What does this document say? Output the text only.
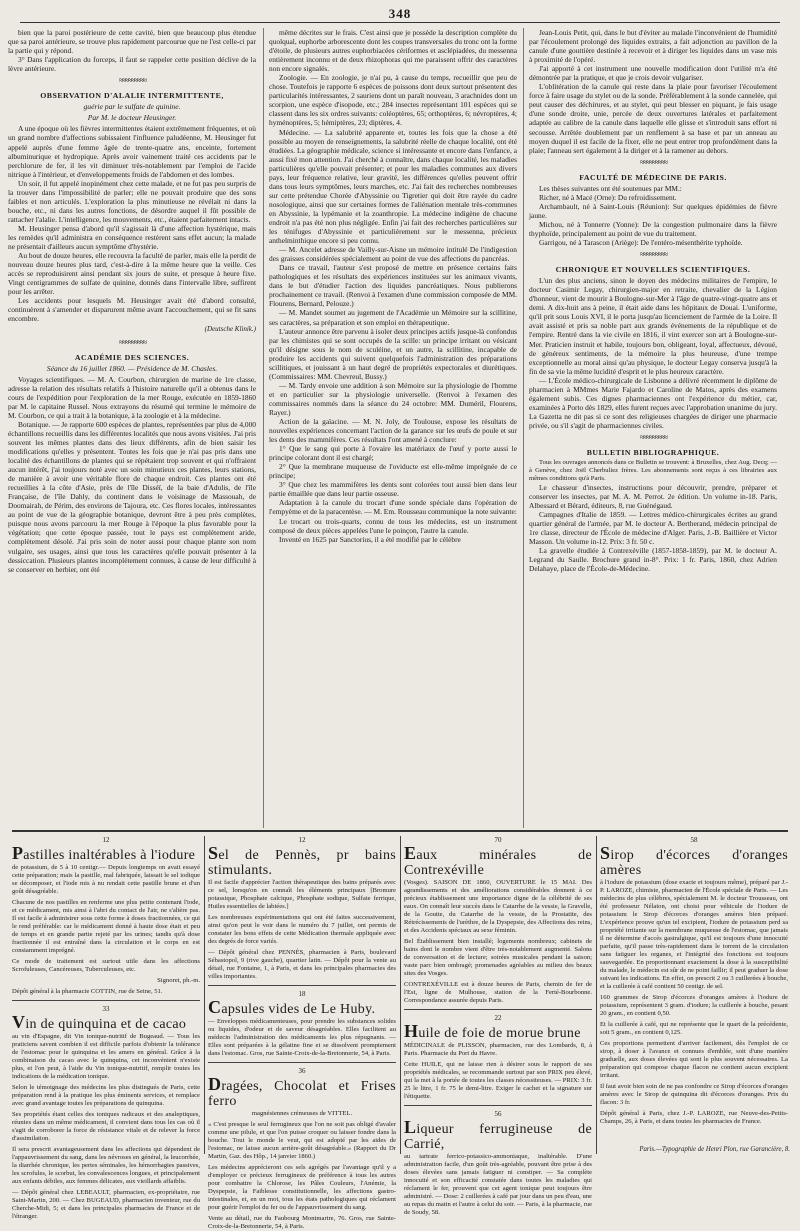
348

bien que la paroi postérieure de cette cavité, bien que beaucoup plus étendue que sa paroi antérieure, se trouve plus rapidement parcourue que ne l'est celle-ci par la partie qui y répond.

3° Dans l'application du forceps, il faut se rappeler cette position déclive de la lèvre antérieure.

≈≈≈≈≈≈≈≈≈
OBSERVATION D'ALALIE INTERMITTENTE,

guérie par le sulfate de quinine.

Par M. le docteur Heusinger.

A une époque où les fièvres intermittentes étaient extrêmement fréquentes, et où un grand nombre d'affections subissaient l'influence paludéenne, M. Heusinger fut appelé auprès d'une femme âgée de trente-quatre ans, enceinte, fortement albuminurique et hydropique. Après avoir vainement traité ces accidents par le perchlorure de fer, il les vit diminuer très-notablement par l'emploi de l'acide nitrique à l'intérieur, et d'enveloppements froids de l'abdomen et des lombes.

Un soir, il fut appelé inopinément chez cette malade, et ne fut pas peu surpris de la trouver dans l'impossibilité de parler; elle ne pouvait produire que des sons faibles et non articulés. L'exploration la plus minutieuse ne révélait ni dans la bouche, etc., ni dans les autres fonctions, de désordre auquel il fût possible de rattacher l'alalie. L'intelligence, les mouvements, etc., étaient parfaitement intacts.

M. Heusinger pensa d'abord qu'il s'agissait là d'une affection hystérique, mais les remèdes qu'il administra en conséquence restèrent sans effet aucun; la malade ne présentait d'ailleurs aucun symptôme d'hystérie.

Au bout de douze heures, elle recouvra la faculté de parler, mais elle la perdit de nouveau douze heures plus tard, c'est-à-dire à la même heure que la veille. Ces accès se reproduisirent ainsi pendant six jours de suite, et presque à heure fixe. Vingt centigrammes de sulfate de quinine, donnés dans l'intervalle libre, suffirent pour les arrêter.

Les accidents pour lesquels M. Heusinger avait été d'abord consulté, continuèrent à s'amender et disparurent même avant l'accouchement, qui se fit sans encombre.

(Deutsche Klinik.)

≈≈≈≈≈≈≈≈≈
ACADÉMIE DES SCIENCES.

Séance du 16 juillet 1860. — Présidence de M. Chasles.

Voyages scientifiques. — M. A. Courbon, chirurgien de marine de 1re classe, adresse la relation des résultats relatifs à l'histoire naturelle qu'il a obtenus dans le cours de l'expédition pour l'exploration de la mer Rouge, exécutée en 1859-1860 par M. le capitaine Russel. Nous extrayons du résumé qui termine le mémoire de M. Courbon, ce qui a trait à la botanique, à la zoologie et à la médecine.

Botanique. — Je rapporte 600 espèces de plantes, représentées par plus de 4,000 échantillons recueillis dans les différentes localités que nous avons visitées. J'ai pris souvent les mêmes plantes dans des lieux différents, afin de bien saisir les modifications qu'elles y présentent. Toutes les fois que je n'ai pas pris dans une localité des échantillons de plantes qui se répétaient trop souvent et qui n'offraient aucun intérêt, j'ai toujours noté avec un soin minutieux ces plantes, leurs stations, de manière à avoir une véritable flore de chaque endroit. Ces plantes ont été recueillies à la côte d'Asie, près de l'île Disséï, de la baie d'Adulis, de l'île Française, de l'île Dahly, du continent dans le voisinage de Massouah, de Doomairah, de Périm, des environs de Tajoura, etc. Ces flores locales, intéressantes au point de vue de la géographie botanique, devront être à peu près complètes, puisque nous avons parcouru la mer Rouge à l'époque la plus favorable pour la végétation; que cette époque passée, tout le pays est complètement aride, complètement désolé. J'ai pris soin de noter aussi pour chaque plante son nom vulgaire, ses usages, ainsi que tous les caractères qu'elle pouvait présenter à la dessiccation. Plusieurs plantes incomplètement connues, à cause de leur difficulté à se conserver en herbier, ont été

même décrites sur le frais. C'est ainsi que je possède la description complète du quolqual, euphorbe arborescente dont les coupes transversales du tronc ont la forme d'étoile, de plusieurs autres euphorbiacées cériformes et asclépiadées, du messenna entièrement inconnu et de deux rhizophoras qui me paraissent offrir des caractères non encore signalés.

Zoologie. — En zoologie, je n'ai pu, à cause du temps, recueillir que peu de chose. Toutefois je rapporte 6 espèces de poissons dont deux surtout présentent des particularités intéressantes, 2 sauriens dont un paraît nouveau, 3 arachnides dont un scorpion, une espèce d'isopode, etc.; 284 insectes représentant 101 espèces qui se classent dans les six ordres suivants: coléoptères, 65; orthoptères, 6; névroptères, 4; hyménoptères, 5; hémiptères, 23; diptères, 4.

Médecine. — La salubrité apparente et, toutes les fois que la chose a été possible au moyen de renseignements, la salubrité réelle de chaque localité, ont été étudiées. La géographie médicale, science si intéressante et encore dans l'enfance, a aussi fixé mon attention. J'ai cherché à connaître, dans chaque localité, les maladies particulières qu'elle pouvait présenter; et pour les maladies communes aux divers pays, leur fréquence relative, leur gravité, les différences qu'elles peuvent offrir dans tous leurs symptômes, leurs marches, etc. J'ai fait des recherches nombreuses sur cette prétendue Chorée d'Abyssinie ou Tigretier qui doit être rayée du cadre nosologique, ainsi que sur certaines formes de l'aliénation mentale très-communes en Abyssinie, la lypémanie et la zoanthropie. La médecine indigène de chacune endroit n'a pas été non plus négligée. Enfin j'ai fait des recherches particulières sur les ténifuges d'Abyssinie et particulièrement sur le messenna, précieux anthelminthique encore si peu connu.

— M. Ancelet adresse de Vailly-sur-Aisne un mémoire intitulé De l'indigestion des graisses considérées spécialement au point de vue des affections du pancréas.

Dans ce travail, l'auteur s'est proposé de mettre en présence certains faits pathologiques et les résultats des expériences instituées sur les animaux vivants, dans le but d'étudier l'action des liquides pancréatiques. Nous publierons prochainement ce travail. (Renvoi à l'examen d'une commission composée de MM. Flourens, Bernard, Pelouze.)

— M. Mandet soumet au jugement de l'Académie un Mémoire sur la scillitine, ses caractères, sa préparation et son emploi en thérapeutique.

L'auteur annonce être parvenu à isoler deux principes actifs jusque-là confondus par les chimistes qui se sont occupés de la scille: un principe irritant ou vésicant qu'il désigne sous le nom de sculéine, et un autre, la scillitine, incapable de produire les accidents qui suivent quelquefois l'administration des préparations scillitiques, et jouissant à un haut degré de propriétés expectorales et diurétiques. (Commissaires: MM. Chevreul, Bussy.)

— M. Tardy envoie une addition à son Mémoire sur la physiologie de l'homme et en particulier sur la physiologie universelle. (Renvoi à l'examen des commissaires nommés dans la séance du 24 octobre: MM. Duméril, Flourens, Rayer.)

Action de la gaïacine. — M. N. Joly, de Toulouse, expose les résultats de nouvelles expériences concernant l'action de la garance sur les œufs de poule et sur les dents des mammifères. Ces résultats l'ont amené à conclure:

1° Que le sang qui porte à l'ovaire les matériaux de l'œuf y porte aussi le principe colorant dont il est chargé;

2° Que la membrane muqueuse de l'oviducte est elle-même imprégnée de ce principe;

3° Que chez les mammifères les dents sont colorées tout aussi bien dans leur partie émaillée que dans leur partie osseuse.

Adaptation à la canule du trocart d'une sonde spéciale dans l'opération de l'empyème et de la paracentèse. — M. Em. Rousseau communique la note suivante:

Le trocart ou trois-quarts, connu de tous les médecins, est un instrument composé de deux pièces appelées l'une le poinçon, l'autre la canule.

Inventé en 1625 par Sanctorius, il a été modifié par le célèbre

Jean-Louis Petit, qui, dans le but d'éviter au malade l'inconvénient de l'humidité par l'écoulement prolongé des liquides extraits, a fait adjonction au pavillon de la canule d'une gouttière destinée à recevoir et à diriger les liquides dans un vase mis à proximité de l'opéré.

J'ai apporté à cet instrument une nouvelle modification dont l'utilité m'a été démontrée par la pratique, et que je crois devoir vulgariser.

L'oblitération de la canule qui reste dans la plaie pour favoriser l'écoulement force à faire usage du stylet ou de la sonde. Préférablement à la sonde cannelée, qui peut causer des déchirures, et au stylet, qui peut blesser en piquant, je fais usage d'une sonde droite, unie, percée de deux ouvertures latérales et parfaitement adaptée au calibre de la canule dans laquelle elle glisse et s'introduit sans effort ni secousse. Arrêtée doublement par un renflement à sa base et par un anneau au moyen duquel il est facile de la fixer, elle ne peut entrer trop profondément dans la plaie; l'anneau sert également à la diriger et à la ramener au dehors.

≈≈≈≈≈≈≈≈≈
FACULTÉ DE MÉDECINE DE PARIS.

Les thèses suivantes ont été soutenues par MM.:

Richer, né à Macé (Orne): Du refroidissement.

Archambault, né à Saint-Louis (Réunion): Sur quelques épidémies de fièvre jaune.

Michou, né à Tonnerre (Yonne): De la congestion pulmonaire dans la fièvre thyphoïde, principalement au point de vue du traitement.

Garrigou, né à Tarascon (Ariège): De l'entéro-mésenthérite typhoïde.

≈≈≈≈≈≈≈≈≈
CHRONIQUE ET NOUVELLES SCIENTIFIQUES.

L'un des plus anciens, sinon le doyen des médecins militaires de l'empire, le docteur Casimir Legay, chirurgien-major en retraite, chevalier de la Légion d'honneur, vient de mourir à Boulogne-sur-Mer à l'âge de quatre-vingt-quatre ans et demi. A dix-huit ans à peine, il était aide dans les hôpitaux de Douai. L'uniforme, qu'il prit sous Louis XVI, il le porta jusqu'au licenciement de l'armée de la Loire. Il avait assisté et pris sa noble part aux grands événements de la république et de l'empire. Rentré dans la vie civile en 1816, il vint exercer son art à Boulogne-sur-Mer. Praticien instruit et habile, toujours bon, obligeant, loyal, affectueux, dévoué, de généreux sentiments, de la mémoire la plus heureuse, d'une trempe exceptionnelle au moral ainsi qu'au physique, le docteur Legay conserva jusqu'à la fin de sa vie la même lucidité d'esprit et le plus heureux caractère.

— L'École médico-chirurgicale de Lisbonne a délivré récemment le diplôme de pharmacien à MMmes Marie Fajardo et Caroline de Matos, après des examens également subis. Ces dignes pharmaciennes ont l'expérience du métier, car, examinées à Porto dès 1829, elles furent reçues avec l'approbation unanime du jury. La Gazetta ne dit pas si ce sont des religieuses chargées de diriger une pharmacie privée, ou s'il s'agit de pharmaciennes civiles.

≈≈≈≈≈≈≈≈≈
BULLETIN BIBLIOGRAPHIQUE.

Tous les ouvrages annoncés dans ce Bulletin se trouvent: à Bruxelles, chez Aug. Decq; — à Genève, chez Joël Cherbuliez frères. Les abonnements sont reçus à ces librairies aux mêmes conditions qu'à Paris.

Le chasseur d'insectes, instructions pour découvrir, prendre, préparer et conserver les insectes, par M. A. M. Perrot. 2e édition. Un volume in-18. Paris, Albessard et Bérard, éditeurs, 8, rue Guénégaud.

Campagnes d'Italie de 1859. — Lettres médico-chirurgicales écrites au grand quartier général de l'armée, par M. le docteur A. Bertherand, médecin principal de 1re classe, directeur de l'École de médecine d'Alger. Paris, J.-B. Baillière et Victor Masson. Un volume in-12. Prix: 3 fr. 50 c.

La gravelle étudiée à Contrexéville (1857-1858-1859), par M. le docteur A. Legrand du Saulle. Brochure grand in-8°. Prix: 1 fr. Paris, 1860, chez Adrien Delahaye, place de l'École-de-Médecine.

12
Pastilles inaltérables à l'iodure

de potassium, de 5 à 10 centigr.— Depuis longtemps on avait essayé cette préparation; mais la pastille, mal fabriquée, laissait le sel iodique se décomposer, et l'iode mis à nu rendait cette pastille brune et d'un goût désagréable.

Chacune de nos pastilles en renferme une plus petite contenant l'iode, et ce médicament, mis ainsi à l'abri du contact de l'air, ne s'altère pas. Il est facile à administrer sous cette forme à doses fractionnées, ce qui le rend préférable: car le médicament donné à haute dose était et peu de temps et en grande partie rejeté par les urines; tandis qu'à dose fractionnée il est entraîné dans la circulation et le corps en est constamment imprégné.

Ce mode de traitement est surtout utile dans les affections Scrofuleuses, Cancéreuses, Tuberculeuses, etc.

Signoret, ph.-m.

Dépôt général à la pharmacie COTTIN, rue de Seine, 51.

33
Vin de quinquina et de cacao

au vin d'Espagne, dit Vin tonique-nutritif de Bugeaud. — Tous les praticiens savent combien il est difficile parfois d'obtenir la tolérance de l'estomac pour le quinquina et les amers en général. Grâce à la combinaison du cacao avec le quinquina, cet inconvénient n'existe plus, et l'on peut, à l'aide du Vin tonique-nutritif, remplir toutes les indications de la médication tonique.

Selon le témoignage des médecins les plus distingués de Paris, cette préparation rend à la pratique les plus éminents services, et remplace avec grand avantage toutes les préparations de quinquina.

Ses propriétés étant celles des toniques radicaux et des analeptiques, réunies dans un même médicament, il convient dans tous les cas où il s'agit de corroborer la force de résistance vitale et de relever la force d'assimilation.

Il sera prescrit avantageusement dans les affections qui dépendent de l'appauvrissement du sang, dans les névroses en général, la leucorrhée, la diarrhée chronique, les pertes séminales, les hémorrhagies passives, les scrofules, le scorbut, les convalescences longues, et principalement aux enfants débiles, aux femmes délicates, aux vieillards affaiblis.

— Dépôt général chez LEBEAULT, pharmacien, ex-propriétaire, rue Saint-Martin, 200. — Chez BUGEAUD, pharmacien inventeur, rue du Cherche-Midi, 5; et dans les principales pharmacies de France et de l'étranger.

12
Sel de Pennès, pr bains stimulants.

Il est facile d'apprécier l'action thérapeutique des bains préparés avec ce sel, lorsqu'on en connaît les éléments principaux [Bromure potassique, Phosphate calcique, Phosphate sodique, Sulfate ferrique, Huiles essentielles de labiées.]

Les nombreuses expérimentations qui ont été faites successivement, ainsi qu'on peut le voir dans le numéro du 7 juillet, ont permis de constater les bons effets de cette Médication thermale appliquée avec des degrés de force variés.

— Dépôt général chez PENNÈS, pharmacien à Paris, boulevard Sébastopol, 9 (rive gauche), quartier latin. — Dépôt pour la vente au détail, rue Fontaine, 1, à Paris, et dans les principales pharmacies des villes importantes.

18
Capsules vides de Le Huby.

— Enveloppes médicamenteuses, pour prendre les substances solides ou liquides, d'odeur et de saveur désagréables. Elles facilitent au médecin l'administration des médicaments les plus répugnants. — Elles sont préparées à la gélatine fine et se dissolvent promptement dans l'estomac. Gros, rue Sainte-Croix-de-la-Bretonnerie, 54, à Paris.

36
Dragées, Chocolat et Frises ferro

magnésiennes crémeuses de VITTEL.

« C'est presque le seul ferrugineux que l'on ne soit pas obligé d'avaler comme une pilule, et que l'on puisse croquer ou laisser fondre dans la bouche. Tout le monde le veut, qui est adopté par les aides de l'estomac, ne laisse aucun arrière-goût désagréable.» (Rapport du Dr Martin, Gaz. des Hôp., 14 janvier 1860.)

Les médecins apprécieront ces sels agrégés par l'avantage qu'il y a d'employer ce précieux ferrugineux de préférence à tous les autres pour combattre la Chlorose, les Pâles Couleurs, l'Anémie, la Dyspepsie, la Faiblesse constitutionnelle, les affections gastro-intestinales, et, en un mot, tous les états pathologiques qui réclament pour guérir l'emploi du fer ou de l'appauvrissement du sang.

Vente au détail, rue du Faubourg Montmartre, 76. Gros, rue Sainte-Croix-de-la-Bretonnerie, 54, à Paris.

70
Eaux minérales de Contrexéville

(Vosges). SAISON DE 1860, OUVERTURE le 15 MAI. Des agrandissements et des améliorations considérables donnent à ce précieux établissement une importance digne de la célébrité de ses eaux. On connaît leur succès dans le Catarrhe de la vessie, la Gravelle, de la Goutte, du Catarrhe de la vessie, de la Prostatite, des Rétrécissements de l'urèthre, de la Dyspepsie, des Affections des reins, et des Accidents spéciaux au sexe féminin.

Bel Établissement bien installé; logements nombreux; cabinets de bains dont le nombre vient d'être très-notablement augmenté. Salons de conversation et de lecture; soirées musicales pendant la saison; vaste parc bien ombragé; promenades agréables au milieu des beaux sites des Vosges.

CONTREXÉVILLE est à douze heures de Paris, chemin de fer de l'Est, ligne de Mulhouse, station de la Ferté-Bourbonne. Correspondance assurée depuis Paris.

22
Huile de foie de morue brune

MÉDICINALE de PLISSON, pharmacien, rue des Lombards, 8, à Paris. Pharmacie du Port du Havre.

Cette HUILE, qui ne laisse rien à désirer sous le rapport de ses propriétés médicales, se recommande surtout par son PRIX peu élevé, qui la met à la portée de toutes les classes nécessiteuses. — PRIX: 3 fr. 25 le litre, 1 fr. 75 le demi-litre. Exiger le cachet et la signature sur l'étiquette.

56
Liqueur ferrugineuse de Carrié,

au tartrate ferrico-potassico-ammoniaque, inaltérable. D'une administration facile, d'un goût très-agréable, pouvant être prise à des doses élevées sans jamais fatiguer ni constiper. — Sa complète innocuité et son efficacité constatée dans toutes les maladies qui réclament le fer, prouvent que cet agent tonique peut toujours être administré. — Dose: 2 cuillerées à café par jour dans un peu d'eau, une au repas du matin et l'autre à celui du soir. — Paris, à la pharmacie, rue de Soudy, 58.

58
Sirop d'écorces d'oranges amères

à l'iodure de potassium (dose exacte et toujours même), préparé par J.-P. LAROZE, chimiste, pharmacien de l'École spéciale de Paris. — Les médecins de plus célèbres, spécialement M. le docteur Trousseau, ont été professeur Nélaton, ont choisi pour véhicule de l'iodure de potassium le Sirop d'écorces d'oranges amères bien préparé. L'expérience prouve qu'un tel excipient, l'iodure de potassium perd sa propriété irritante sur la membrane muqueuse de l'estomac, que jamais il ne détermine d'accès gastralgique, qu'il est toujours d'une innocuité parfaite, qu'il passe très-rapidement dans le torrent de la circulation sans fatiguer les organes, et l'intégrité des fonctions est toujours sauvegardée. En proportionnant exactement la dose à la susceptibilité du malade, le médecin est sûr de ne point faillir; il peut graduer la dose suivant les indications. En effet, on prescrit 2 ou 3 cuillerées à bouche, et la cuillerée à café contient 50 centigr. de sel.

160 grammes de Sirop d'écorces d'oranges amères à l'iodure de potassium, représentent 3 gram. d'iodure; la cuillerée à bouche, pesant 20 gram., en contient 0,50.

Et la cuillerée à café, qui ne représente que le quart de la précédente, soit 5 gram., en contient 0,125.

Ces proportions permettent d'arriver facilement, dès l'emploi de ce sirop, à doser à l'avance et connues d'emblée, soit d'une manière graduelle, aux doses élevées qui sont le plus souvent nécessaires. La préparation qui compose chaque flacon ne contient aucun excipient irritant.

Il faut avoir bien soin de ne pas confondre ce Sirop d'écorces d'oranges amères avec le Sirop de quinquina dit d'écorces d'oranges. Prix du flacon: 3 fr.

Dépôt général à Paris, chez J.-P. LAROZE, rue Neuve-des-Petits-Champs, 26, à Paris, et dans toutes les pharmacies de France.

Paris.—Typographie de Henri Plon, rue Garancière, 8.
